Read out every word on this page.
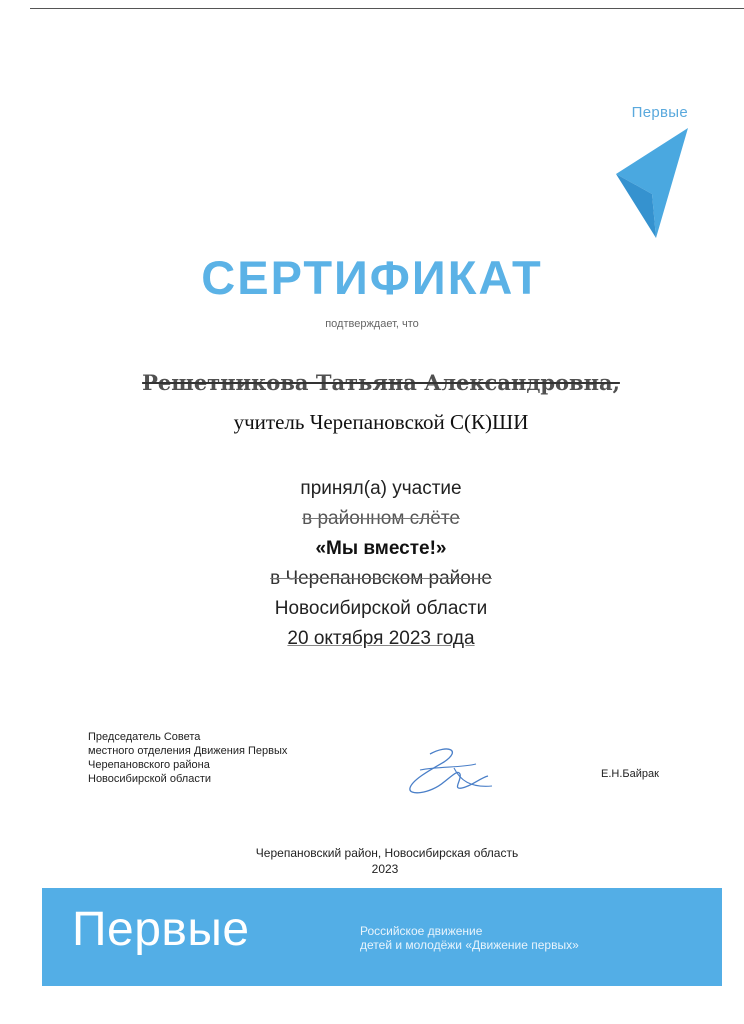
Первые
СЕРТИФИКАТ
подтверждает, что
Решетникова Татьяна Александровна,
учитель Черепановской С(К)ШИ
принял(а) участие
в районном слёте
«Мы вместе!»
в Черепановском районе
Новосибирской области
20 октября 2023 года
Председатель Совета
местного отделения Движения Первых
Черепановского района
Новосибирской области	Е.Н.Байрак
Черепановский район, Новосибирская область
2023
Первые	Российское движение
детей и молодёжи «Движение первых»
